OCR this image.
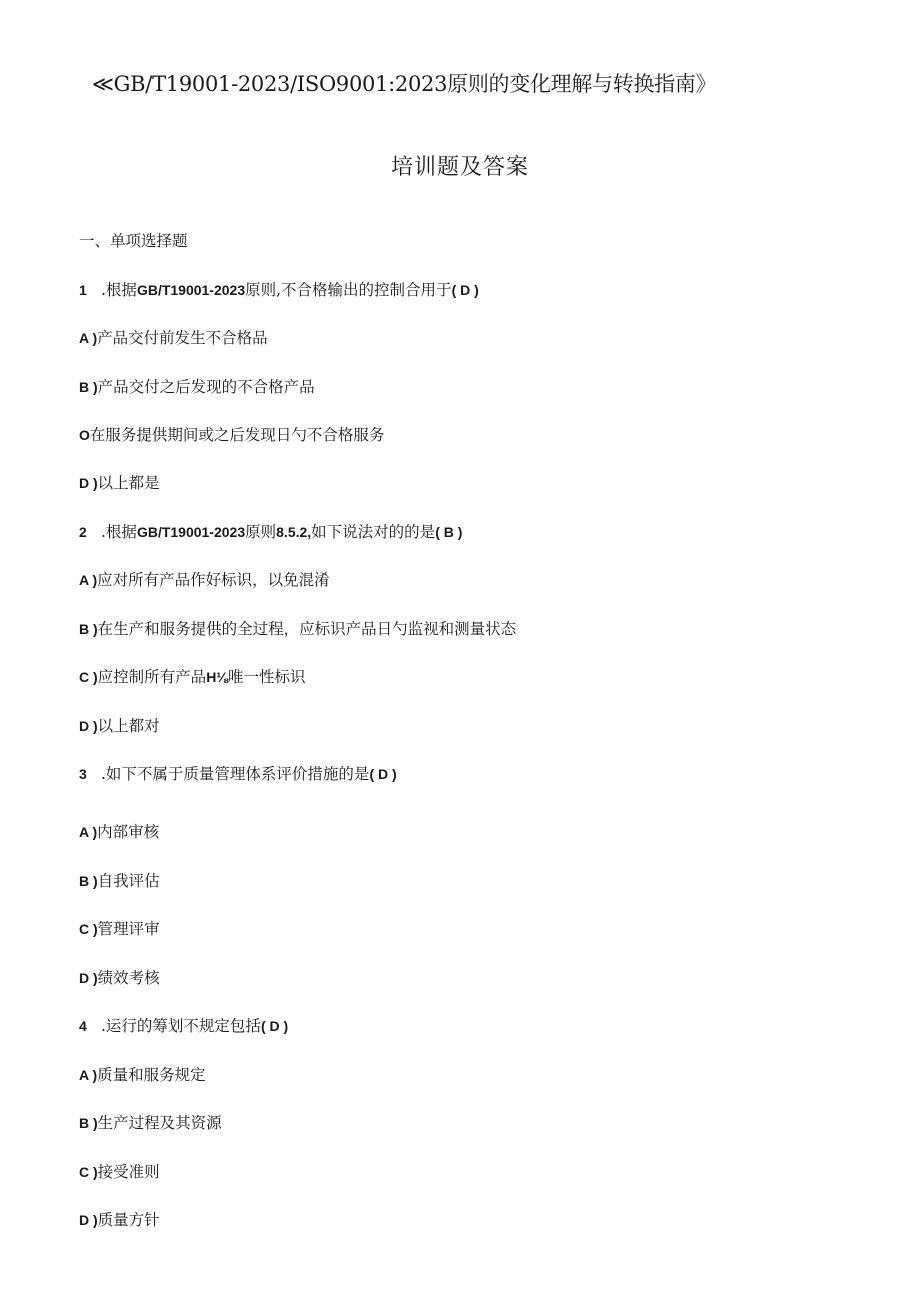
≪GB/T19001-2023/ISO9001:2023原则的变化理解与转换指南》
培训题及答案
一、单项选择题
1 .根据GB/T19001-2023原则,不合格输出的控制合用于( D )
A )产品交付前发生不合格品
B )产品交付之后发现的不合格产品
O在服务提供期间或之后发现日勺不合格服务
D )以上都是
2 .根据GB/T19001-2023原则8.5.2,如下说法对的的是( B )
A )应对所有产品作好标识，以免混淆
B )在生产和服务提供的全过程，应标识产品日勺监视和测量状态
C )应控制所有产品H⅛唯一性标识
D )以上都对
3 .如下不属于质量管理体系评价措施的是( D )
A )内部审核
B )自我评估
C )管理评审
D )绩效考核
4 .运行的筹划不规定包括( D )
A )质量和服务规定
B )生产过程及其资源
C )接受准则
D )质量方针
